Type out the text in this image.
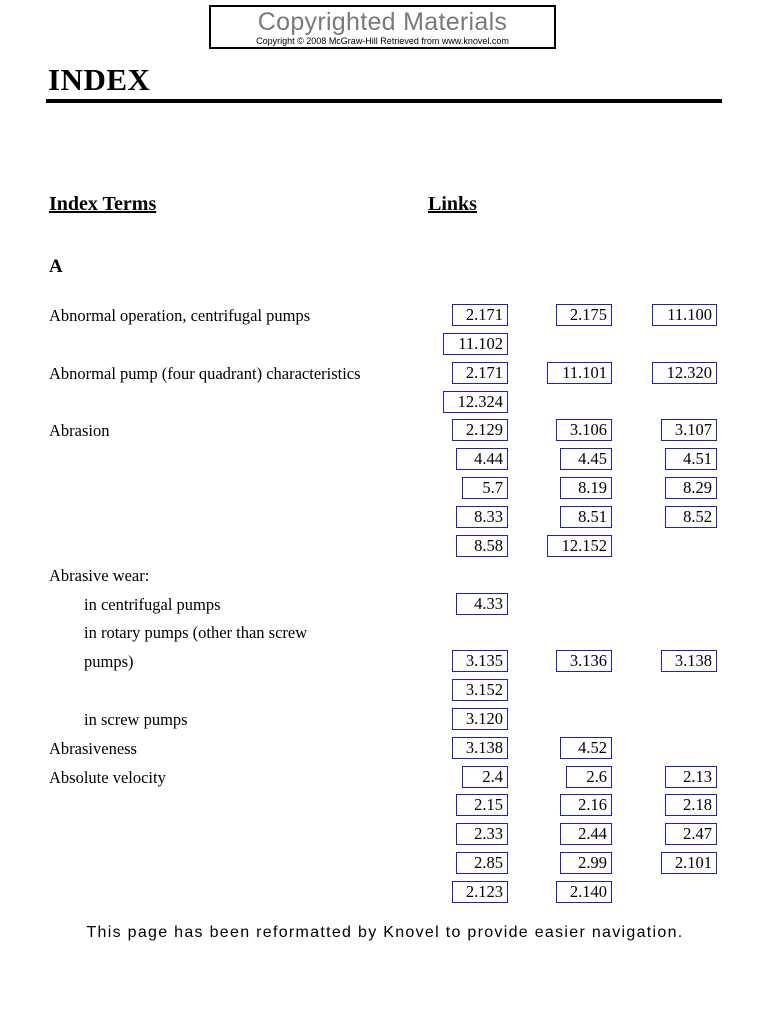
Copyrighted Materials
Copyright © 2008 McGraw-Hill Retrieved from www.knovel.com
INDEX
Index Terms	Links
A
Abnormal operation, centrifugal pumps	2.171	2.175	11.100
11.102
Abnormal pump (four quadrant) characteristics	2.171	11.101	12.320
12.324
Abrasion	2.129	3.106	3.107
4.44	4.45	4.51
5.7	8.19	8.29
8.33	8.51	8.52
8.58	12.152
Abrasive wear:
in centrifugal pumps	4.33
in rotary pumps (other than screw
pumps)	3.135	3.136	3.138
3.152
in screw pumps	3.120
Abrasiveness	3.138	4.52
Absolute velocity	2.4	2.6	2.13
2.15	2.16	2.18
2.33	2.44	2.47
2.85	2.99	2.101
2.123	2.140
This page has been reformatted by Knovel to provide easier navigation.
